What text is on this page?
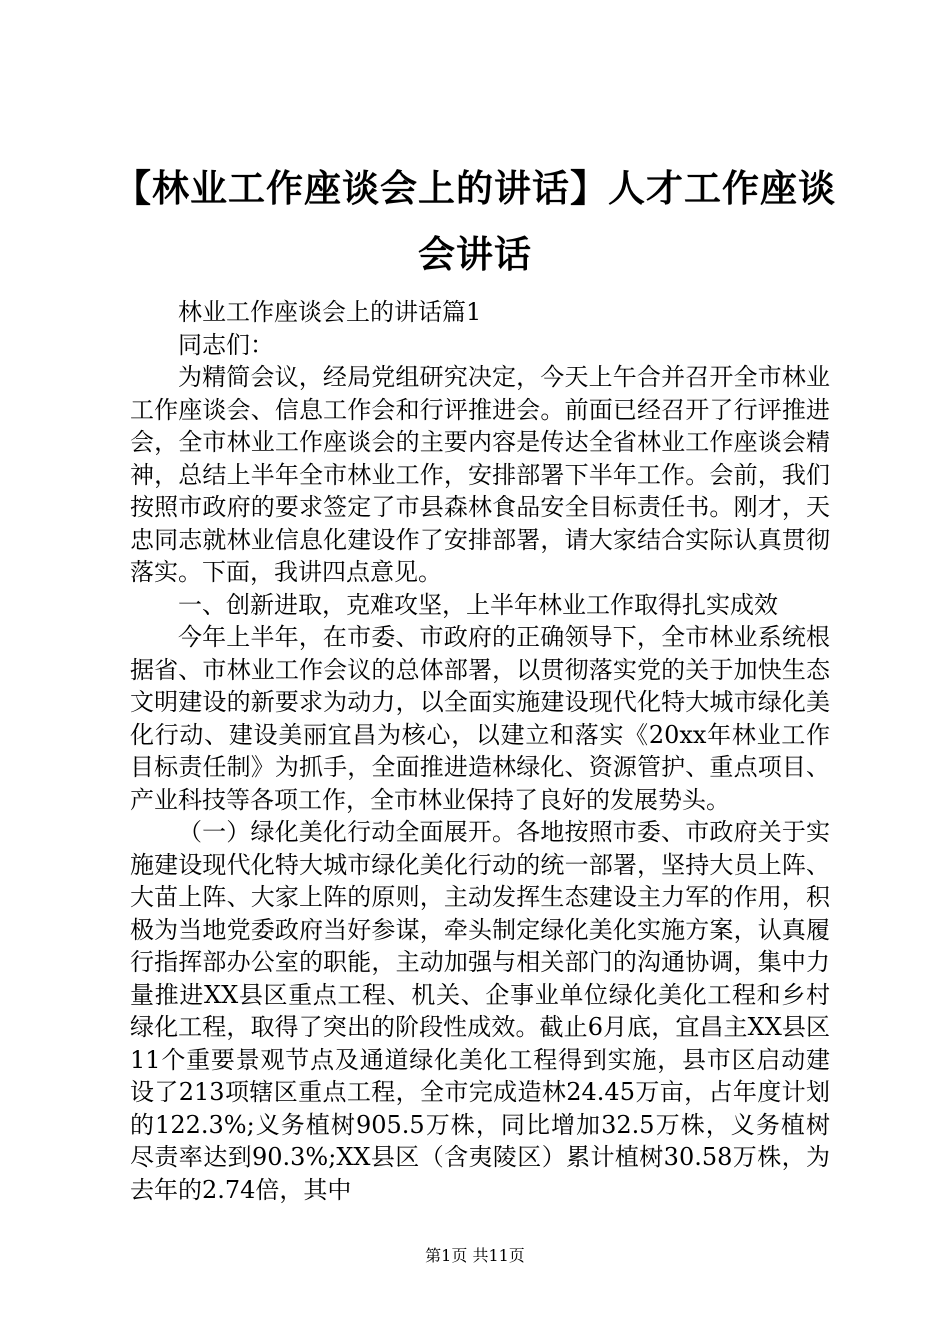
【林业工作座谈会上的讲话】人才工作座谈会讲话

林业工作座谈会上的讲话篇1

同志们：

为精简会议，经局党组研究决定，今天上午合并召开全市林业工作座谈会、信息工作会和行评推进会。前面已经召开了行评推进会，全市林业工作座谈会的主要内容是传达全省林业工作座谈会精神，总结上半年全市林业工作，安排部署下半年工作。会前，我们按照市政府的要求签定了市县森林食品安全目标责任书。刚才，天忠同志就林业信息化建设作了安排部署，请大家结合实际认真贯彻落实。下面，我讲四点意见。

一、创新进取，克难攻坚，上半年林业工作取得扎实成效

今年上半年，在市委、市政府的正确领导下，全市林业系统根据省、市林业工作会议的总体部署，以贯彻落实党的关于加快生态文明建设的新要求为动力，以全面实施建设现代化特大城市绿化美化行动、建设美丽宜昌为核心，以建立和落实《20xx年林业工作目标责任制》为抓手，全面推进造林绿化、资源管护、重点项目、产业科技等各项工作，全市林业保持了良好的发展势头。

（一）绿化美化行动全面展开。各地按照市委、市政府关于实施建设现代化特大城市绿化美化行动的统一部署，坚持大员上阵、大苗上阵、大家上阵的原则，主动发挥生态建设主力军的作用，积极为当地党委政府当好参谋，牵头制定绿化美化实施方案，认真履行指挥部办公室的职能，主动加强与相关部门的沟通协调，集中力量推进XX县区重点工程、机关、企事业单位绿化美化工程和乡村绿化工程，取得了突出的阶段性成效。截止6月底，宜昌主XX县区11个重要景观节点及通道绿化美化工程得到实施，县市区启动建设了213项辖区重点工程，全市完成造林24.45万亩，占年度计划的122.3%;义务植树905.5万株，同比增加32.5万株，义务植树尽责率达到90.3%;XX县区（含夷陵区）累计植树30.58万株，为去年的2.74倍，其中

第1页 共11页
